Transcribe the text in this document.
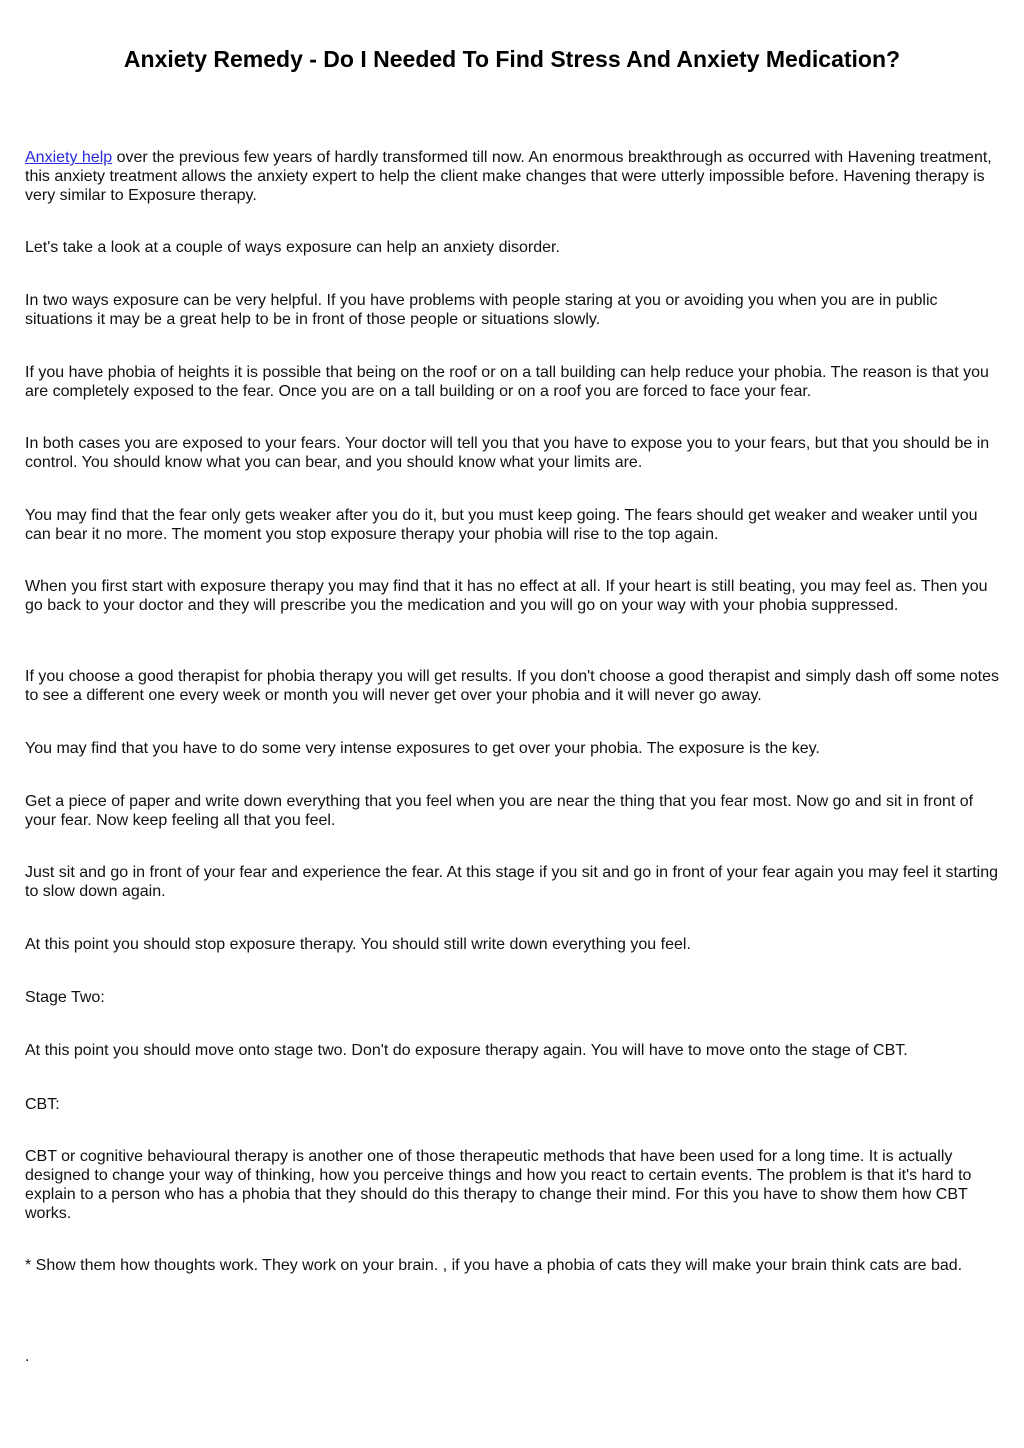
Anxiety Remedy - Do I Needed To Find Stress And Anxiety Medication?

Anxiety help over the previous few years of hardly transformed till now. An enormous breakthrough as occurred with Havening treatment, this anxiety treatment allows the anxiety expert to help the client make changes that were utterly impossible before. Havening therapy is very similar to Exposure therapy.

Let's take a look at a couple of ways exposure can help an anxiety disorder.

In two ways exposure can be very helpful. If you have problems with people staring at you or avoiding you when you are in public situations it may be a great help to be in front of those people or situations slowly.

If you have phobia of heights it is possible that being on the roof or on a tall building can help reduce your phobia. The reason is that you are completely exposed to the fear. Once you are on a tall building or on a roof you are forced to face your fear.

In both cases you are exposed to your fears. Your doctor will tell you that you have to expose you to your fears, but that you should be in control. You should know what you can bear, and you should know what your limits are.

You may find that the fear only gets weaker after you do it, but you must keep going. The fears should get weaker and weaker until you can bear it no more. The moment you stop exposure therapy your phobia will rise to the top again.

When you first start with exposure therapy you may find that it has no effect at all. If your heart is still beating, you may feel as. Then you go back to your doctor and they will prescribe you the medication and you will go on your way with your phobia suppressed.

If you choose a good therapist for phobia therapy you will get results. If you don't choose a good therapist and simply dash off some notes to see a different one every week or month you will never get over your phobia and it will never go away.

You may find that you have to do some very intense exposures to get over your phobia. The exposure is the key.

Get a piece of paper and write down everything that you feel when you are near the thing that you fear most. Now go and sit in front of your fear. Now keep feeling all that you feel.

Just sit and go in front of your fear and experience the fear. At this stage if you sit and go in front of your fear again you may feel it starting to slow down again.

At this point you should stop exposure therapy. You should still write down everything you feel.

Stage Two:

At this point you should move onto stage two. Don't do exposure therapy again. You will have to move onto the stage of CBT.

CBT:

CBT or cognitive behavioural therapy is another one of those therapeutic methods that have been used for a long time. It is actually designed to change your way of thinking, how you perceive things and how you react to certain events. The problem is that it's hard to explain to a person who has a phobia that they should do this therapy to change their mind. For this you have to show them how CBT works.

* Show them how thoughts work. They work on your brain. , if you have a phobia of cats they will make your brain think cats are bad.

.
